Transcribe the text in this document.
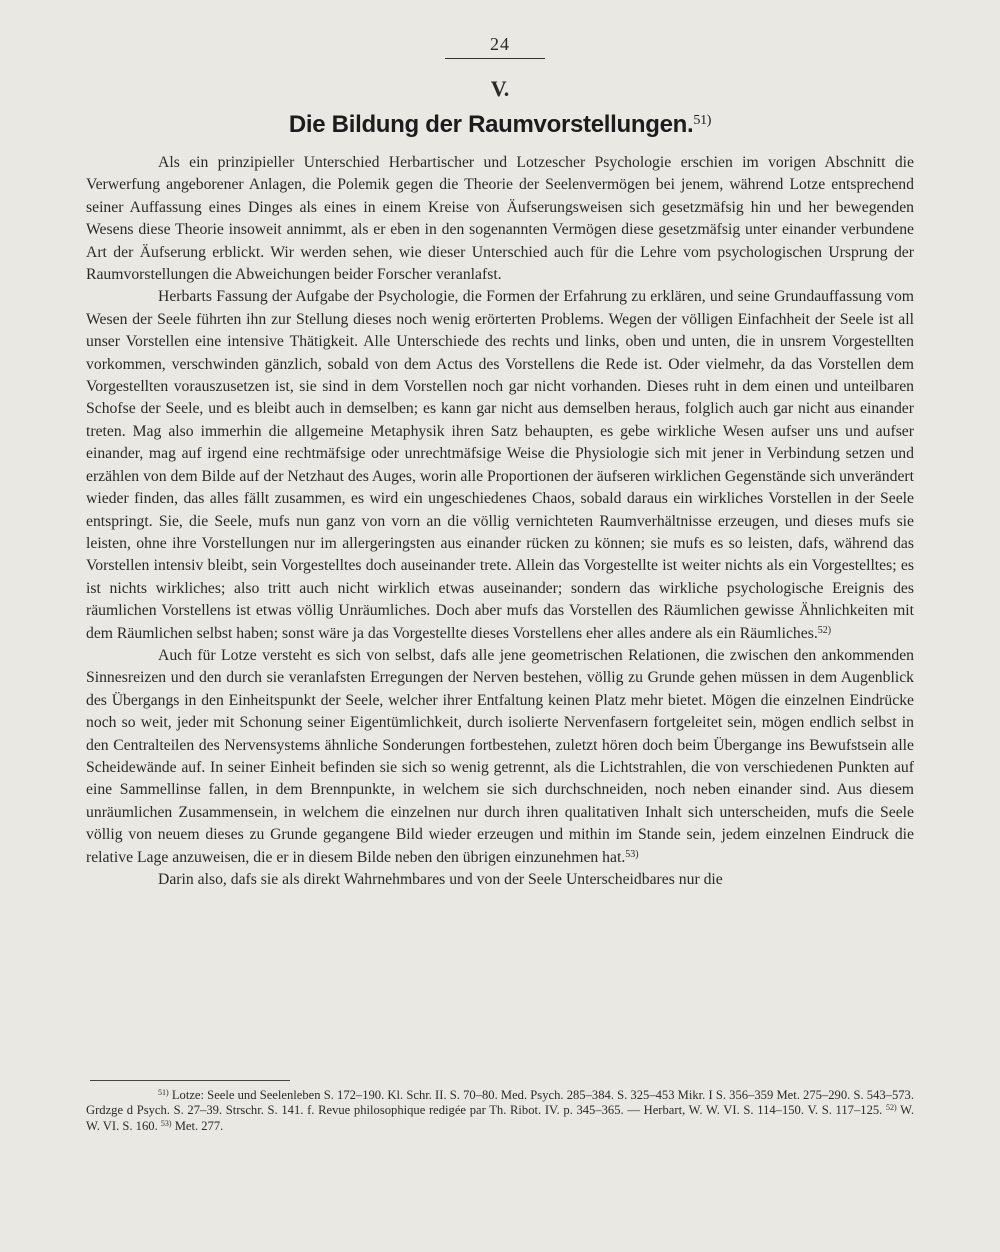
24
V.
Die Bildung der Raumvorstellungen.$^{51)}$

Als ein prinzipieller Unterschied Herbartischer und Lotzescher Psychologie erschien im vorigen Abschnitt die Verwerfung angeborener Anlagen, die Polemik gegen die Theorie der Seelenvermögen bei jenem, während Lotze entsprechend seiner Auffassung eines Dinges als eines in einem Kreise von Äufserungsweisen sich gesetzmäfsig hin und her bewegenden Wesens diese Theorie insoweit annimmt, als er eben in den sogenannten Vermögen diese gesetzmäfsig unter einander verbundene Art der Äufserung erblickt. Wir werden sehen, wie dieser Unterschied auch für die Lehre vom psychologischen Ursprung der Raumvorstellungen die Abweichungen beider Forscher veranlafst.

Herbarts Fassung der Aufgabe der Psychologie, die Formen der Erfahrung zu erklären, und seine Grundauffassung vom Wesen der Seele führten ihn zur Stellung dieses noch wenig erörterten Problems. Wegen der völligen Einfachheit der Seele ist all unser Vorstellen eine intensive Thätigkeit. Alle Unterschiede des rechts und links, oben und unten, die in unsrem Vorgestellten vorkommen, verschwinden gänzlich, sobald von dem Actus des Vorstellens die Rede ist. Oder vielmehr, da das Vorstellen dem Vorgestellten vorauszusetzen ist, sie sind in dem Vorstellen noch gar nicht vorhanden. Dieses ruht in dem einen und unteilbaren Schofse der Seele, und es bleibt auch in demselben; es kann gar nicht aus demselben heraus, folglich auch gar nicht aus einander treten. Mag also immerhin die allgemeine Metaphysik ihren Satz behaupten, es gebe wirkliche Wesen aufser uns und aufser einander, mag auf irgend eine rechtmäfsige oder unrechtmäfsige Weise die Physiologie sich mit jener in Verbindung setzen und erzählen von dem Bilde auf der Netzhaut des Auges, worin alle Proportionen der äufseren wirklichen Gegenstände sich unverändert wieder finden, das alles fällt zusammen, es wird ein ungeschiedenes Chaos, sobald daraus ein wirkliches Vorstellen in der Seele entspringt. Sie, die Seele, mufs nun ganz von vorn an die völlig vernichteten Raumverhältnisse erzeugen, und dieses mufs sie leisten, ohne ihre Vorstellungen nur im allergeringsten aus einander rücken zu können; sie mufs es so leisten, dafs, während das Vorstellen intensiv bleibt, sein Vorgestelltes doch auseinander trete. Allein das Vorgestellte ist weiter nichts als ein Vorgestelltes; es ist nichts wirkliches; also tritt auch nicht wirklich etwas auseinander; sondern das wirkliche psychologische Ereignis des räumlichen Vorstellens ist etwas völlig Unräumliches. Doch aber mufs das Vorstellen des Räumlichen gewisse Ähnlichkeiten mit dem Räumlichen selbst haben; sonst wäre ja das Vorgestellte dieses Vorstellens eher alles andere als ein Räumliches.$^{52)}$

Auch für Lotze versteht es sich von selbst, dafs alle jene geometrischen Relationen, die zwischen den ankommenden Sinnesreizen und den durch sie veranlafsten Erregungen der Nerven bestehen, völlig zu Grunde gehen müssen in dem Augenblick des Übergangs in den Einheitspunkt der Seele, welcher ihrer Entfaltung keinen Platz mehr bietet. Mögen die einzelnen Eindrücke noch so weit, jeder mit Schonung seiner Eigentümlichkeit, durch isolierte Nervenfasern fortgeleitet sein, mögen endlich selbst in den Centralteilen des Nervensystems ähnliche Sonderungen fortbestehen, zuletzt hören doch beim Übergange ins Bewufstsein alle Scheidewände auf. In seiner Einheit befinden sie sich so wenig getrennt, als die Lichtstrahlen, die von verschiedenen Punkten auf eine Sammellinse fallen, in dem Brennpunkte, in welchem sie sich durchschneiden, noch neben einander sind. Aus diesem unräumlichen Zusammensein, in welchem die einzelnen nur durch ihren qualitativen Inhalt sich unterscheiden, mufs die Seele völlig von neuem dieses zu Grunde gegangene Bild wieder erzeugen und mithin im Stande sein, jedem einzelnen Eindruck die relative Lage anzuweisen, die er in diesem Bilde neben den übrigen einzunehmen hat.$^{53)}$

Darin also, dafs sie als direkt Wahrnehmbares und von der Seele Unterscheidbares nur die

$^{51)}$ Lotze: Seele und Seelenleben S. 172–190. Kl. Schr. II. S. 70–80. Med. Psych. 285–384. S. 325–453 Mikr. I S. 356–359 Met. 275–290. S. 543–573. Grdzge d Psych. S. 27–39. Strschr. S. 141. f. Revue philosophique redigée par Th. Ribot. IV. p. 345–365. — Herbart, W. W. VI. S. 114–150. V. S. 117–125. $^{52)}$ W. W. VI. S. 160. $^{53)}$ Met. 277.
